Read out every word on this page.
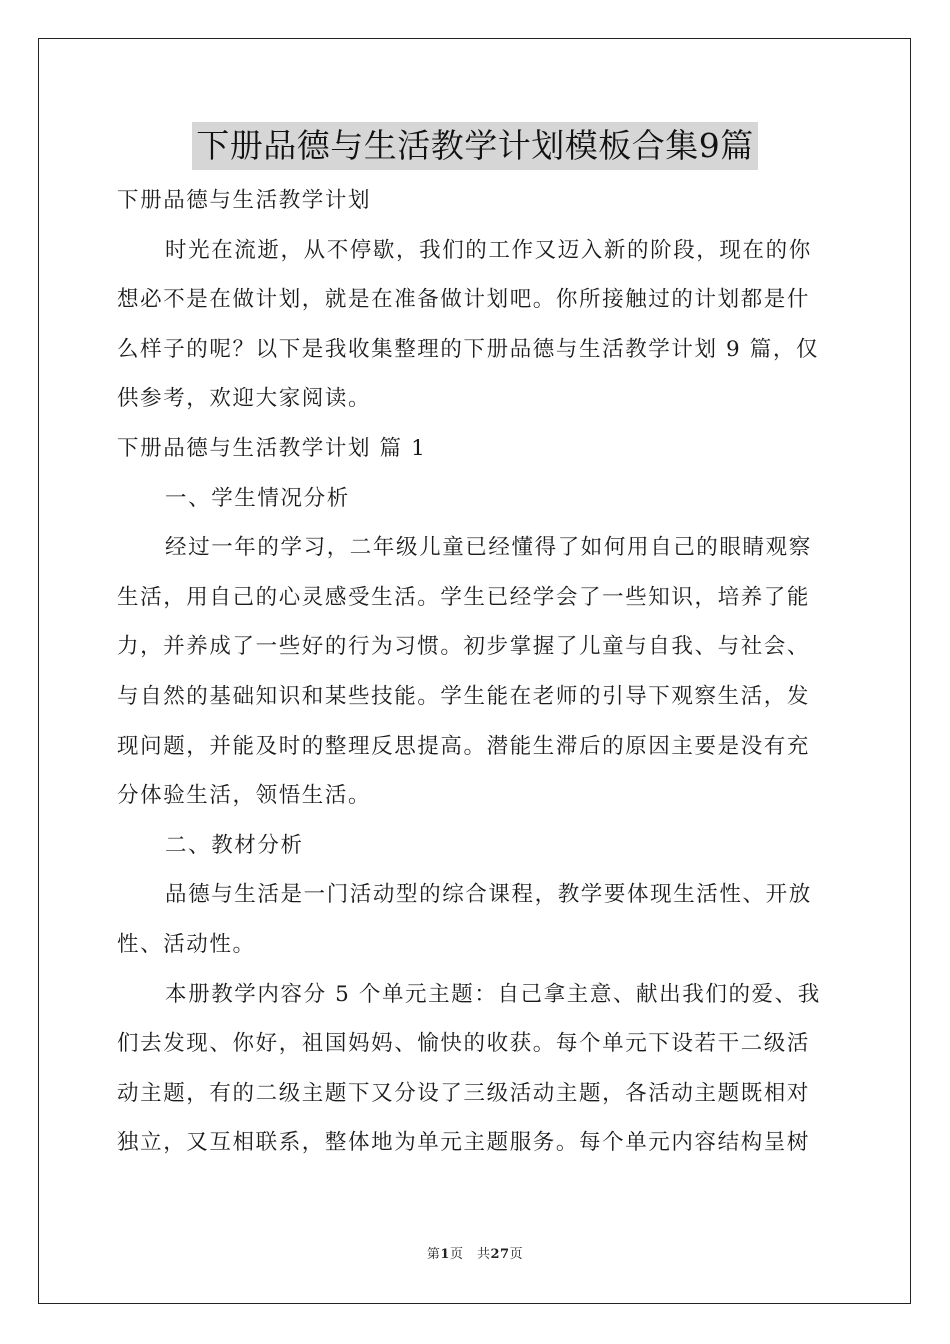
下册品德与生活教学计划模板合集9篇
下册品德与生活教学计划
时光在流逝，从不停歇，我们的工作又迈入新的阶段，现在的你
想必不是在做计划，就是在准备做计划吧。你所接触过的计划都是什
么样子的呢？以下是我收集整理的下册品德与生活教学计划 9 篇，仅
供参考，欢迎大家阅读。
下册品德与生活教学计划 篇 1
一、学生情况分析
经过一年的学习，二年级儿童已经懂得了如何用自己的眼睛观察
生活，用自己的心灵感受生活。学生已经学会了一些知识，培养了能
力，并养成了一些好的行为习惯。初步掌握了儿童与自我、与社会、
与自然的基础知识和某些技能。学生能在老师的引导下观察生活，发
现问题，并能及时的整理反思提高。潜能生滞后的原因主要是没有充
分体验生活，领悟生活。
二、教材分析
品德与生活是一门活动型的综合课程，教学要体现生活性、开放
性、活动性。
本册教学内容分 5 个单元主题：自己拿主意、献出我们的爱、我
们去发现、你好，祖国妈妈、愉快的收获。每个单元下设若干二级活
动主题，有的二级主题下又分设了三级活动主题，各活动主题既相对
独立，又互相联系，整体地为单元主题服务。每个单元内容结构呈树
第1页　共27页
